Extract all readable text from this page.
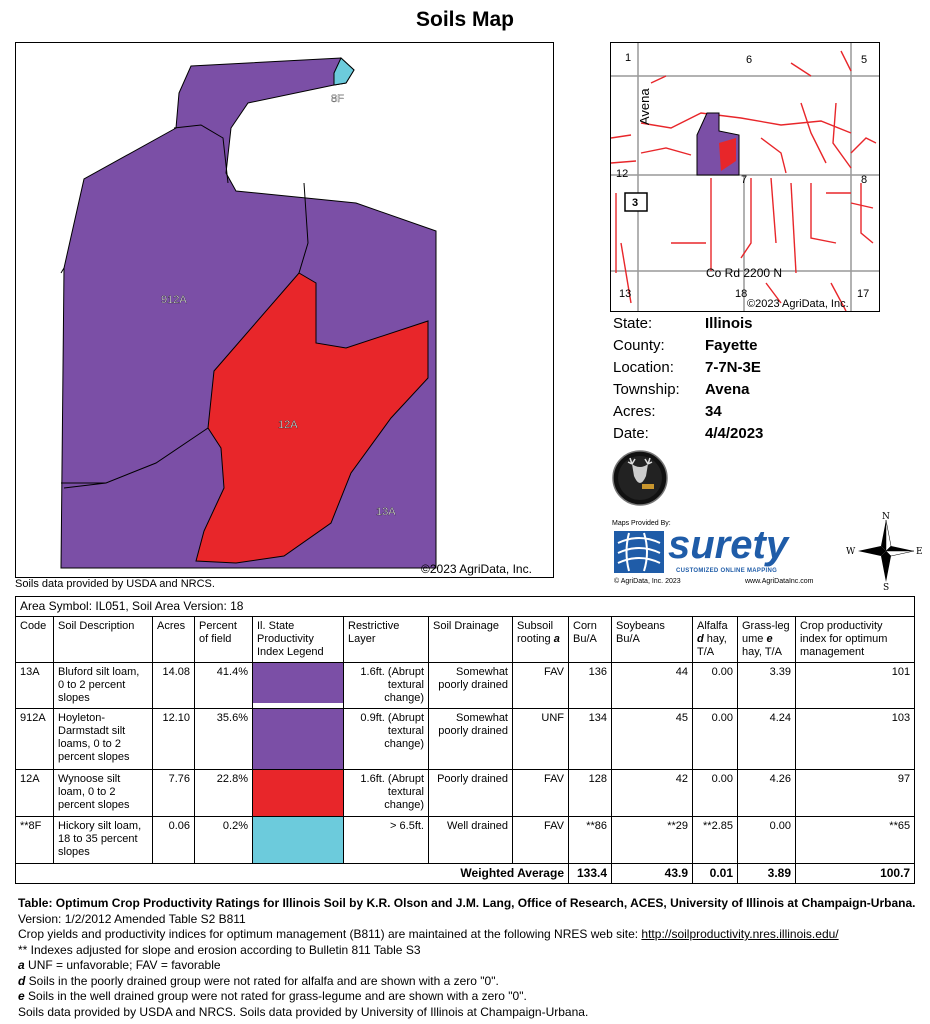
Soils Map
912A
12A
13A
8F
©2023 AgriData, Inc.
Soils data provided by USDA and NRCS.
1	6	5
12	7	8
13	18	17
Avena
Co Rd 2200 N
©2023 AgriData, Inc.
3
State:	Illinois
County:	Fayette
Location:	7-7N-3E
Township:	Avena
Acres:	34
Date:	4/4/2023
Maps Provided By:
surety
CUSTOMIZED ONLINE MAPPING
© AgriData, Inc. 2023	www.AgriDataInc.com
N
S
W	E
Area Symbol: IL051, Soil Area Version: 18												
Code	Soil Description	Acres	Percent of field	Il. State Productivity Index Legend	Restrictive Layer	Soil Drainage	Subsoil rooting a	Corn Bu/A	Soybeans Bu/A	Alfalfa d hay, T/A	Grass-leg ume e hay, T/A	Crop productivity index for optimum management
13A	Bluford silt loam, 0 to 2 percent slopes	14.08	41.4%		1.6ft. (Abrupt textural change)	Somewhat poorly drained	FAV	136	44	0.00	3.39	101
912A	Hoyleton-Darmstadt silt loams, 0 to 2 percent slopes	12.10	35.6%		0.9ft. (Abrupt textural change)	Somewhat poorly drained	UNF	134	45	0.00	4.24	103
12A	Wynoose silt loam, 0 to 2 percent slopes	7.76	22.8%		1.6ft. (Abrupt textural change)	Poorly drained	FAV	128	42	0.00	4.26	97
**8F	Hickory silt loam, 18 to 35 percent slopes	0.06	0.2%		> 6.5ft.	Well drained	FAV	**86	**29	**2.85	0.00	**65
Weighted Average								133.4	43.9	0.01	3.89	100.7

Table: Optimum Crop Productivity Ratings for Illinois Soil by K.R. Olson and J.M. Lang, Office of Research, ACES, University of Illinois at Champaign-Urbana. Version: 1/2/2012 Amended Table S2 B811

Crop yields and productivity indices for optimum management (B811) are maintained at the following NRES web site: http://soilproductivity.nres.illinois.edu/

** Indexes adjusted for slope and erosion according to Bulletin 811 Table S3

a UNF = unfavorable; FAV = favorable

d Soils in the poorly drained group were not rated for alfalfa and are shown with a zero "0".

e Soils in the well drained group were not rated for grass-legume and are shown with a zero "0".

Soils data provided by USDA and NRCS. Soils data provided by University of Illinois at Champaign-Urbana.
